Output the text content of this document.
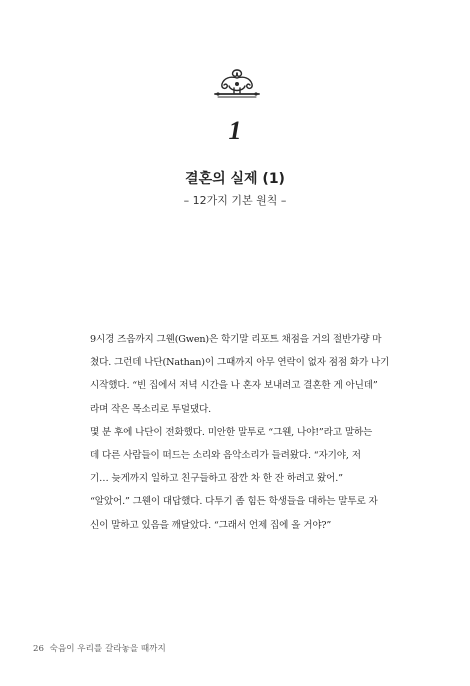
1
결혼의 실제 (1)
– 12가지 기본 원칙 –

9시경 즈음까지 그웬(Gwen)은 학기말 리포트 채점을 거의 절반가량 마
쳤다. 그런데 나단(Nathan)이 그때까지 아무 연락이 없자 점점 화가 나기
시작했다. “빈 집에서 저녁 시간을 나 혼자 보내려고 결혼한 게 아닌데”
라며 작은 목소리로 투덜댔다.

몇 분 후에 나단이 전화했다. 미안한 말투로 “그웬, 나야!”라고 말하는
데 다른 사람들이 떠드는 소리와 음악소리가 들려왔다. “자기야, 저
기… 늦게까지 일하고 친구들하고 잠깐 차 한 잔 하려고 왔어.”

“알았어.” 그웬이 대답했다. 다투기 좀 힘든 학생들을 대하는 말투로 자
신이 말하고 있음을 깨달았다. “그래서 언제 집에 올 거야?”

26 숙음이 우리를 갈라놓을 때까지
